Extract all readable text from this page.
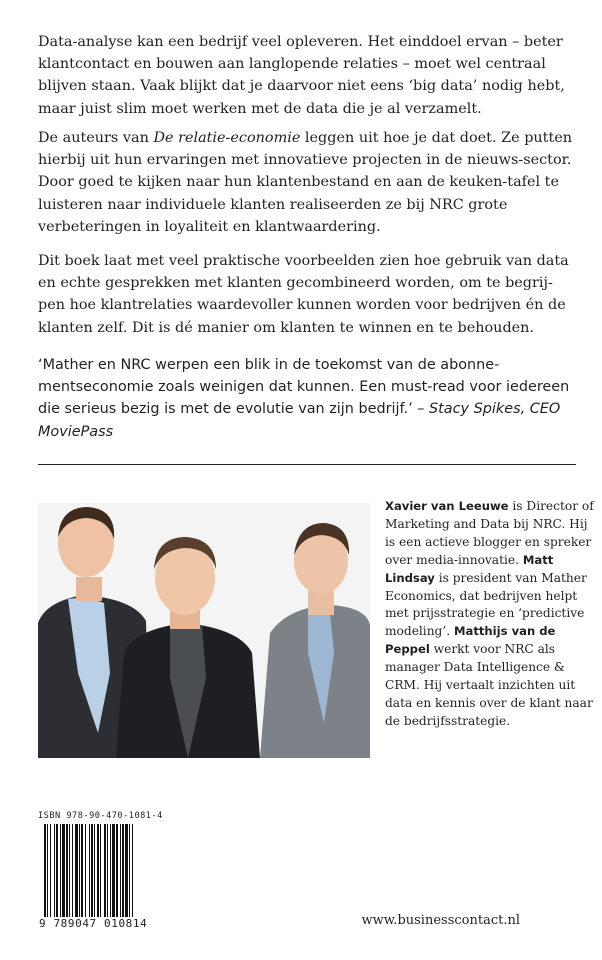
Data-analyse kan een bedrijf veel opleveren. Het einddoel ervan – beter klantcontact en bouwen aan langlopende relaties – moet wel centraal blijven staan. Vaak blijkt dat je daarvoor niet eens ‘big data’ nodig hebt, maar juist slim moet werken met de data die je al verzamelt.

De auteurs van De relatie-economie leggen uit hoe je dat doet. Ze putten hierbij uit hun ervaringen met innovatieve projecten in de nieuws-sector. Door goed te kijken naar hun klantenbestand en aan de keuken-tafel te luisteren naar individuele klanten realiseerden ze bij NRC grote verbeteringen in loyaliteit en klantwaardering.

Dit boek laat met veel praktische voorbeelden zien hoe gebruik van data en echte gesprekken met klanten gecombineerd worden, om te begrij-pen hoe klantrelaties waardevoller kunnen worden voor bedrijven én de klanten zelf. Dit is dé manier om klanten te winnen en te behouden.

‘Mather en NRC werpen een blik in de toekomst van de abonne-mentseconomie zoals weinigen dat kunnen. Een must-read voor iedereen die serieus bezig is met de evolutie van zijn bedrijf.’ – Stacy Spikes, CEO MoviePass

Xavier van Leeuwe is Director of Marketing and Data bij NRC. Hij is een actieve blogger en spreker over media-innovatie. Matt Lindsay is president van Mather Economics, dat bedrijven helpt met prijsstrategie en ‘predictive modeling’. Matthijs van de Peppel werkt voor NRC als manager Data Intelligence & CRM. Hij vertaalt inzichten uit data en kennis over de klant naar de bedrijfsstrategie.

ISBN 978-90-470-1081-4
9 789047 010814	www.businesscontact.nl
